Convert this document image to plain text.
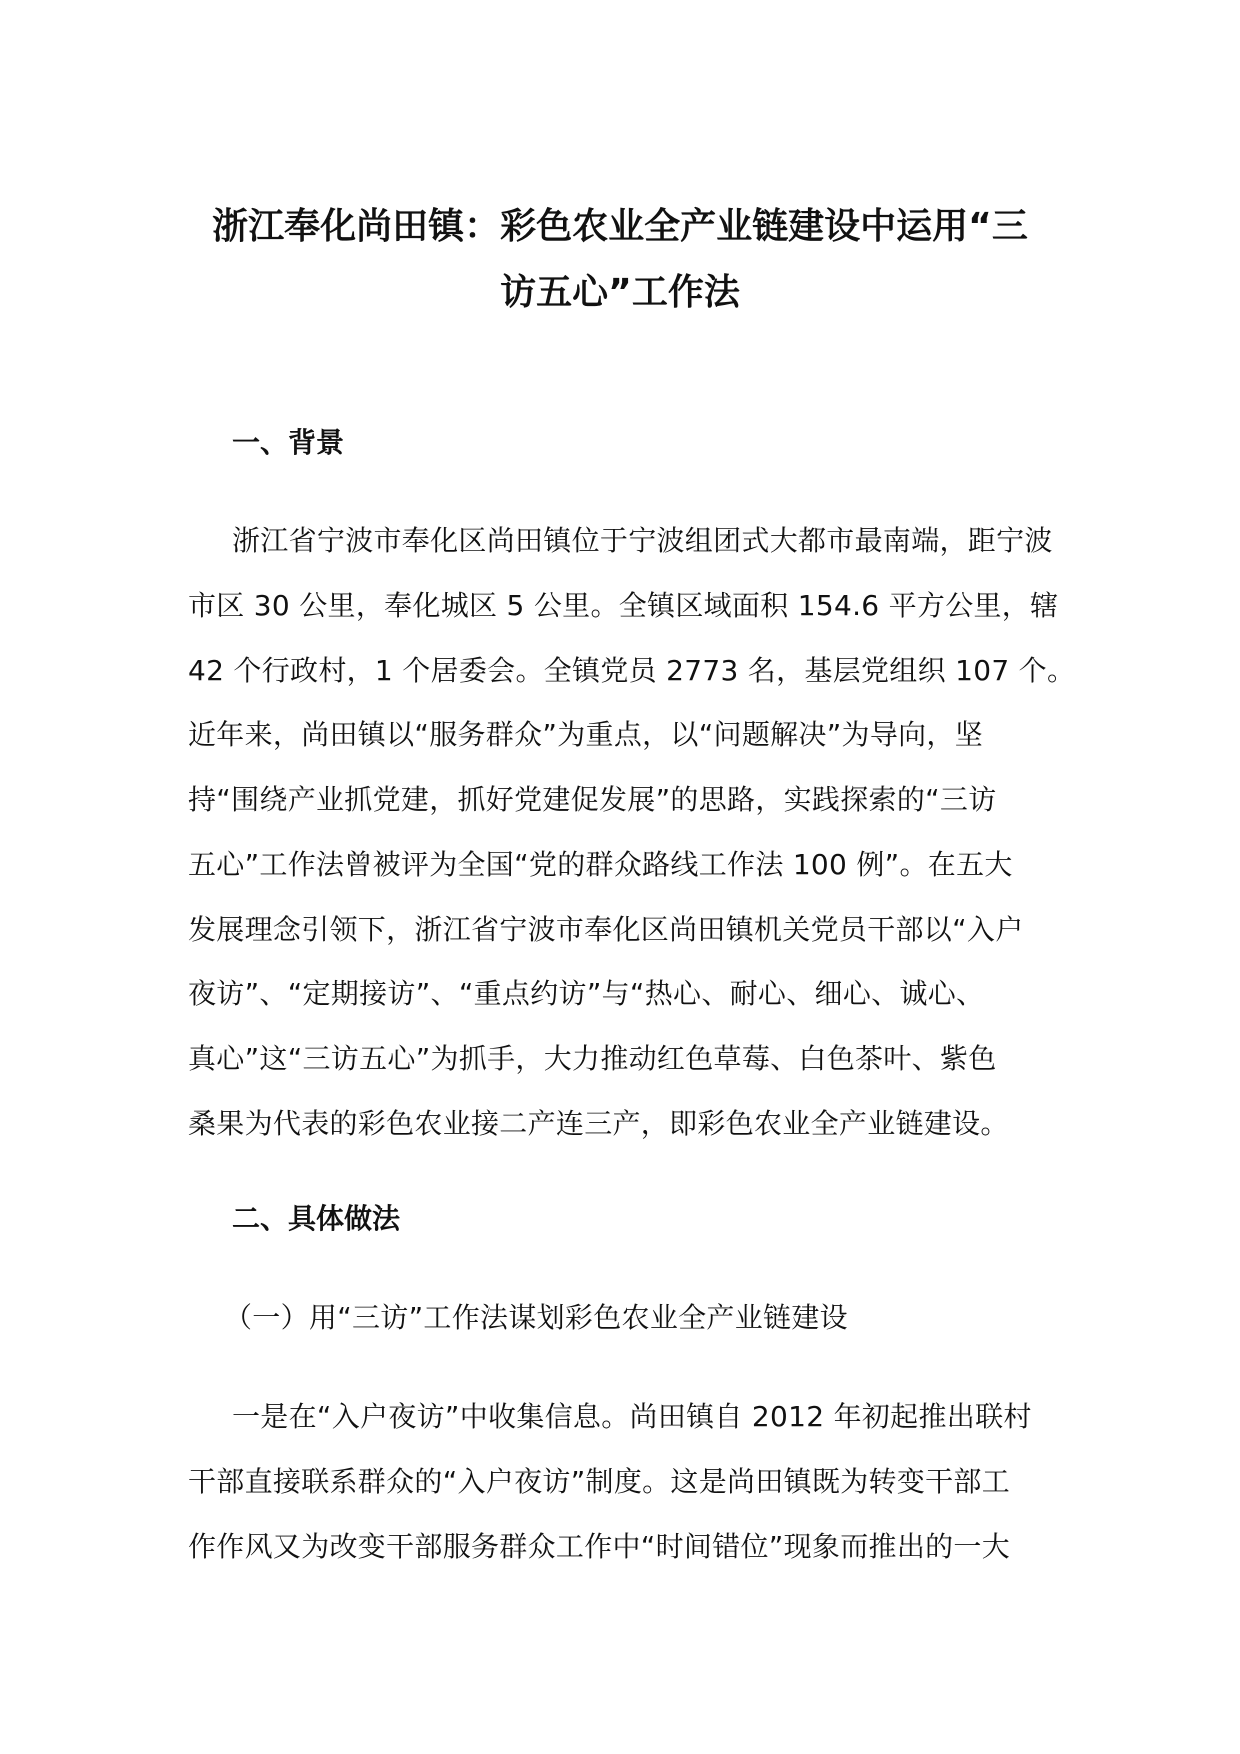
浙江奉化尚田镇：彩色农业全产业链建设中运用“三
访五心”工作法
一、背景
浙江省宁波市奉化区尚田镇位于宁波组团式大都市最南端，距宁波
市区 30 公里，奉化城区 5 公里。全镇区域面积 154.6 平方公里，辖
42 个行政村，1 个居委会。全镇党员 2773 名，基层党组织 107 个。
近年来，尚田镇以“服务群众”为重点，以“问题解决”为导向，坚
持“围绕产业抓党建，抓好党建促发展”的思路，实践探索的“三访
五心”工作法曾被评为全国“党的群众路线工作法 100 例”。在五大
发展理念引领下，浙江省宁波市奉化区尚田镇机关党员干部以“入户
夜访”、“定期接访”、“重点约访”与“热心、耐心、细心、诚心、
真心”这“三访五心”为抓手，大力推动红色草莓、白色茶叶、紫色
桑果为代表的彩色农业接二产连三产，即彩色农业全产业链建设。
二、具体做法
（一）用“三访”工作法谋划彩色农业全产业链建设
一是在“入户夜访”中收集信息。尚田镇自 2012 年初起推出联村
干部直接联系群众的“入户夜访”制度。这是尚田镇既为转变干部工
作作风又为改变干部服务群众工作中“时间错位”现象而推出的一大
